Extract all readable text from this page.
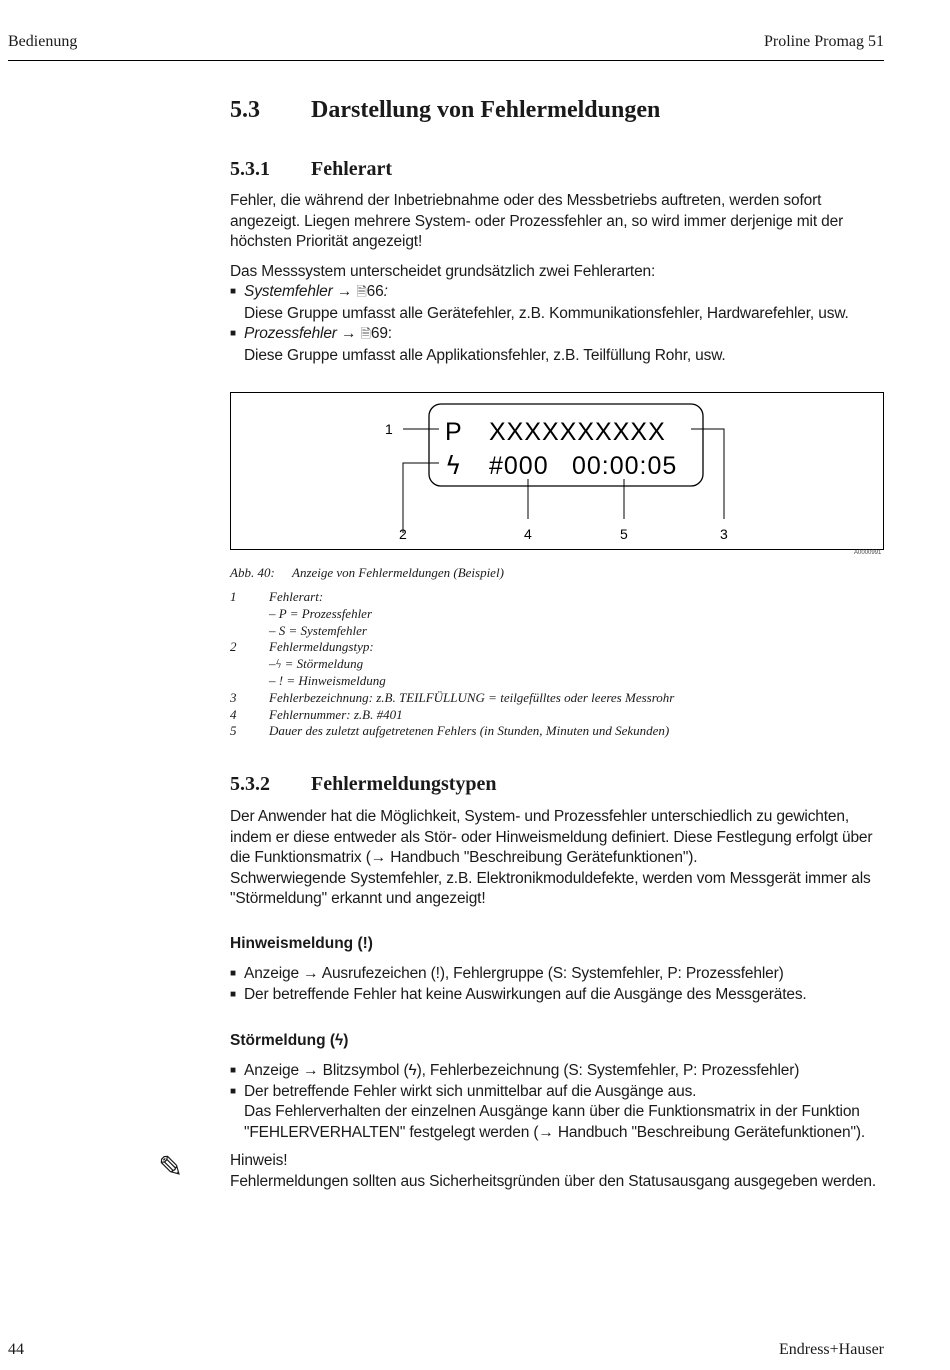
Bedienung	Proline Promag 51
5.3 Darstellung von Fehlermeldungen
5.3.1 Fehlerart

Fehler, die während der Inbetriebnahme oder des Messbetriebs auftreten, werden sofort angezeigt. Liegen mehrere System- oder Prozessfehler an, so wird immer derjenige mit der höchsten Priorität angezeigt!

Das Messsystem unterscheidet grundsätzlich zwei Fehlerarten:

■ Systemfehler → 🗎66:
Diese Gruppe umfasst alle Gerätefehler, z.B. Kommunikationsfehler, Hardwarefehler, usw.
■ Prozessfehler → 🗎69:
Diese Gruppe umfasst alle Applikationsfehler, z.B. Teilfüllung Rohr, usw.
P XXXXXXXXXX
ϟ #000 00:00:05
1
2	4	5	3
A0000991
Abb. 40: Anzeige von Fehlermeldungen (Beispiel)
1	Fehlerart:
– P = Prozessfehler
– S = Systemfehler
2	Fehlermeldungstyp:
–ϟ = Störmeldung
– ! = Hinweismeldung
3	Fehlerbezeichnung: z.B. TEILFÜLLUNG = teilgefülltes oder leeres Messrohr
4	Fehlernummer: z.B. #401
5	Dauer des zuletzt aufgetretenen Fehlers (in Stunden, Minuten und Sekunden)
5.3.2 Fehlermeldungstypen

Der Anwender hat die Möglichkeit, System- und Prozessfehler unterschiedlich zu gewichten, indem er diese entweder als Stör- oder Hinweismeldung definiert. Diese Festlegung erfolgt über die Funktionsmatrix (→ Handbuch "Beschreibung Gerätefunktionen").

Schwerwiegende Systemfehler, z.B. Elektronikmoduldefekte, werden vom Messgerät immer als "Störmeldung" erkannt und angezeigt!

Hinweismeldung (!)
■ Anzeige → Ausrufezeichen (!), Fehlergruppe (S: Systemfehler, P: Prozessfehler)
■ Der betreffende Fehler hat keine Auswirkungen auf die Ausgänge des Messgerätes.
Störmeldung (ϟ)
■ Anzeige → Blitzsymbol (ϟ), Fehlerbezeichnung (S: Systemfehler, P: Prozessfehler)
■ Der betreffende Fehler wirkt sich unmittelbar auf die Ausgänge aus.
Das Fehlerverhalten der einzelnen Ausgänge kann über die Funktionsmatrix in der Funktion "FEHLERVERHALTEN" festgelegt werden (→ Handbuch "Beschreibung Gerätefunktionen").
✎	Hinweis!

Fehlermeldungen sollten aus Sicherheitsgründen über den Statusausgang ausgegeben werden.

44	Endress+Hauser
